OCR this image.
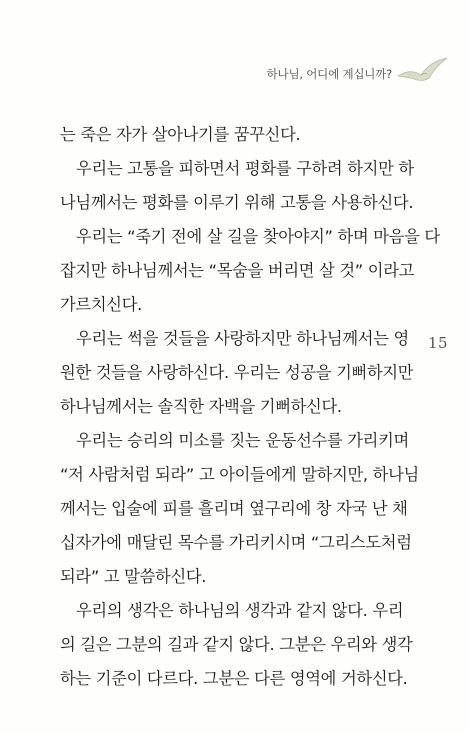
하나님, 어디에 계십니까?
는 죽은 자가 살아나기를 꿈꾸신다.
우리는 고통을 피하면서 평화를 구하려 하지만 하
나님께서는 평화를 이루기 위해 고통을 사용하신다.
우리는 “죽기 전에 살 길을 찾아야지” 하며 마음을 다
잡지만 하나님께서는 “목숨을 버리면 살 것” 이라고
가르치신다.
우리는 썩을 것들을 사랑하지만 하나님께서는 영
원한 것들을 사랑하신다. 우리는 성공을 기뻐하지만
하나님께서는 솔직한 자백을 기뻐하신다.
우리는 승리의 미소를 짓는 운동선수를 가리키며
“저 사람처럼 되라” 고 아이들에게 말하지만, 하나님
께서는 입술에 피를 흘리며 옆구리에 창 자국 난 채
십자가에 매달린 목수를 가리키시며 “그리스도처럼
되라” 고 말씀하신다.
우리의 생각은 하나님의 생각과 같지 않다. 우리
의 길은 그분의 길과 같지 않다. 그분은 우리와 생각
하는 기준이 다르다. 그분은 다른 영역에 거하신다.
15
